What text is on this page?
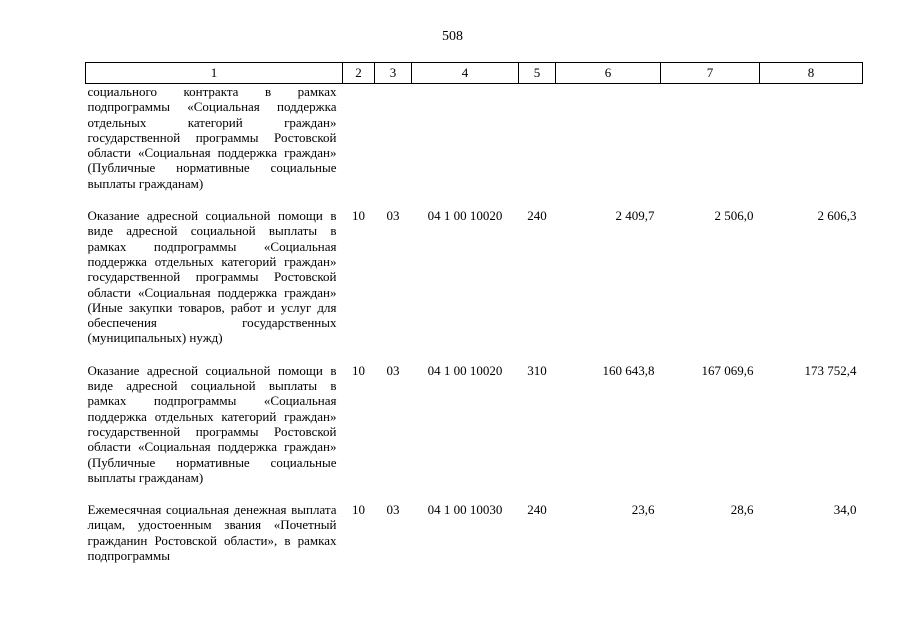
508
1	2	3	4	5	6	7	8
социального контракта в рамках подпрограммы «Социальная поддержка отдельных категорий граждан» государственной программы Ростовской области «Социальная поддержка граждан» (Публичные нормативные социальные выплаты гражданам)							

Оказание адресной социальной помощи в виде адресной социальной выплаты в рамках подпрограммы «Социальная поддержка отдельных категорий граждан» государственной программы Ростовской области «Социальная поддержка граждан» (Иные закупки товаров, работ и услуг для обеспечения государственных (муниципальных) нужд)	10	03	04 1 00 10020	240	2 409,7	2 506,0	2 606,3

Оказание адресной социальной помощи в виде адресной социальной выплаты в рамках подпрограммы «Социальная поддержка отдельных категорий граждан» государственной программы Ростовской области «Социальная поддержка граждан» (Публичные нормативные социальные выплаты гражданам)	10	03	04 1 00 10020	310	160 643,8	167 069,6	173 752,4

Ежемесячная социальная денежная выплата лицам, удостоенным звания «Почетный гражданин Ростовской области», в рамках подпрограммы	10	03	04 1 00 10030	240	23,6	28,6	34,0
